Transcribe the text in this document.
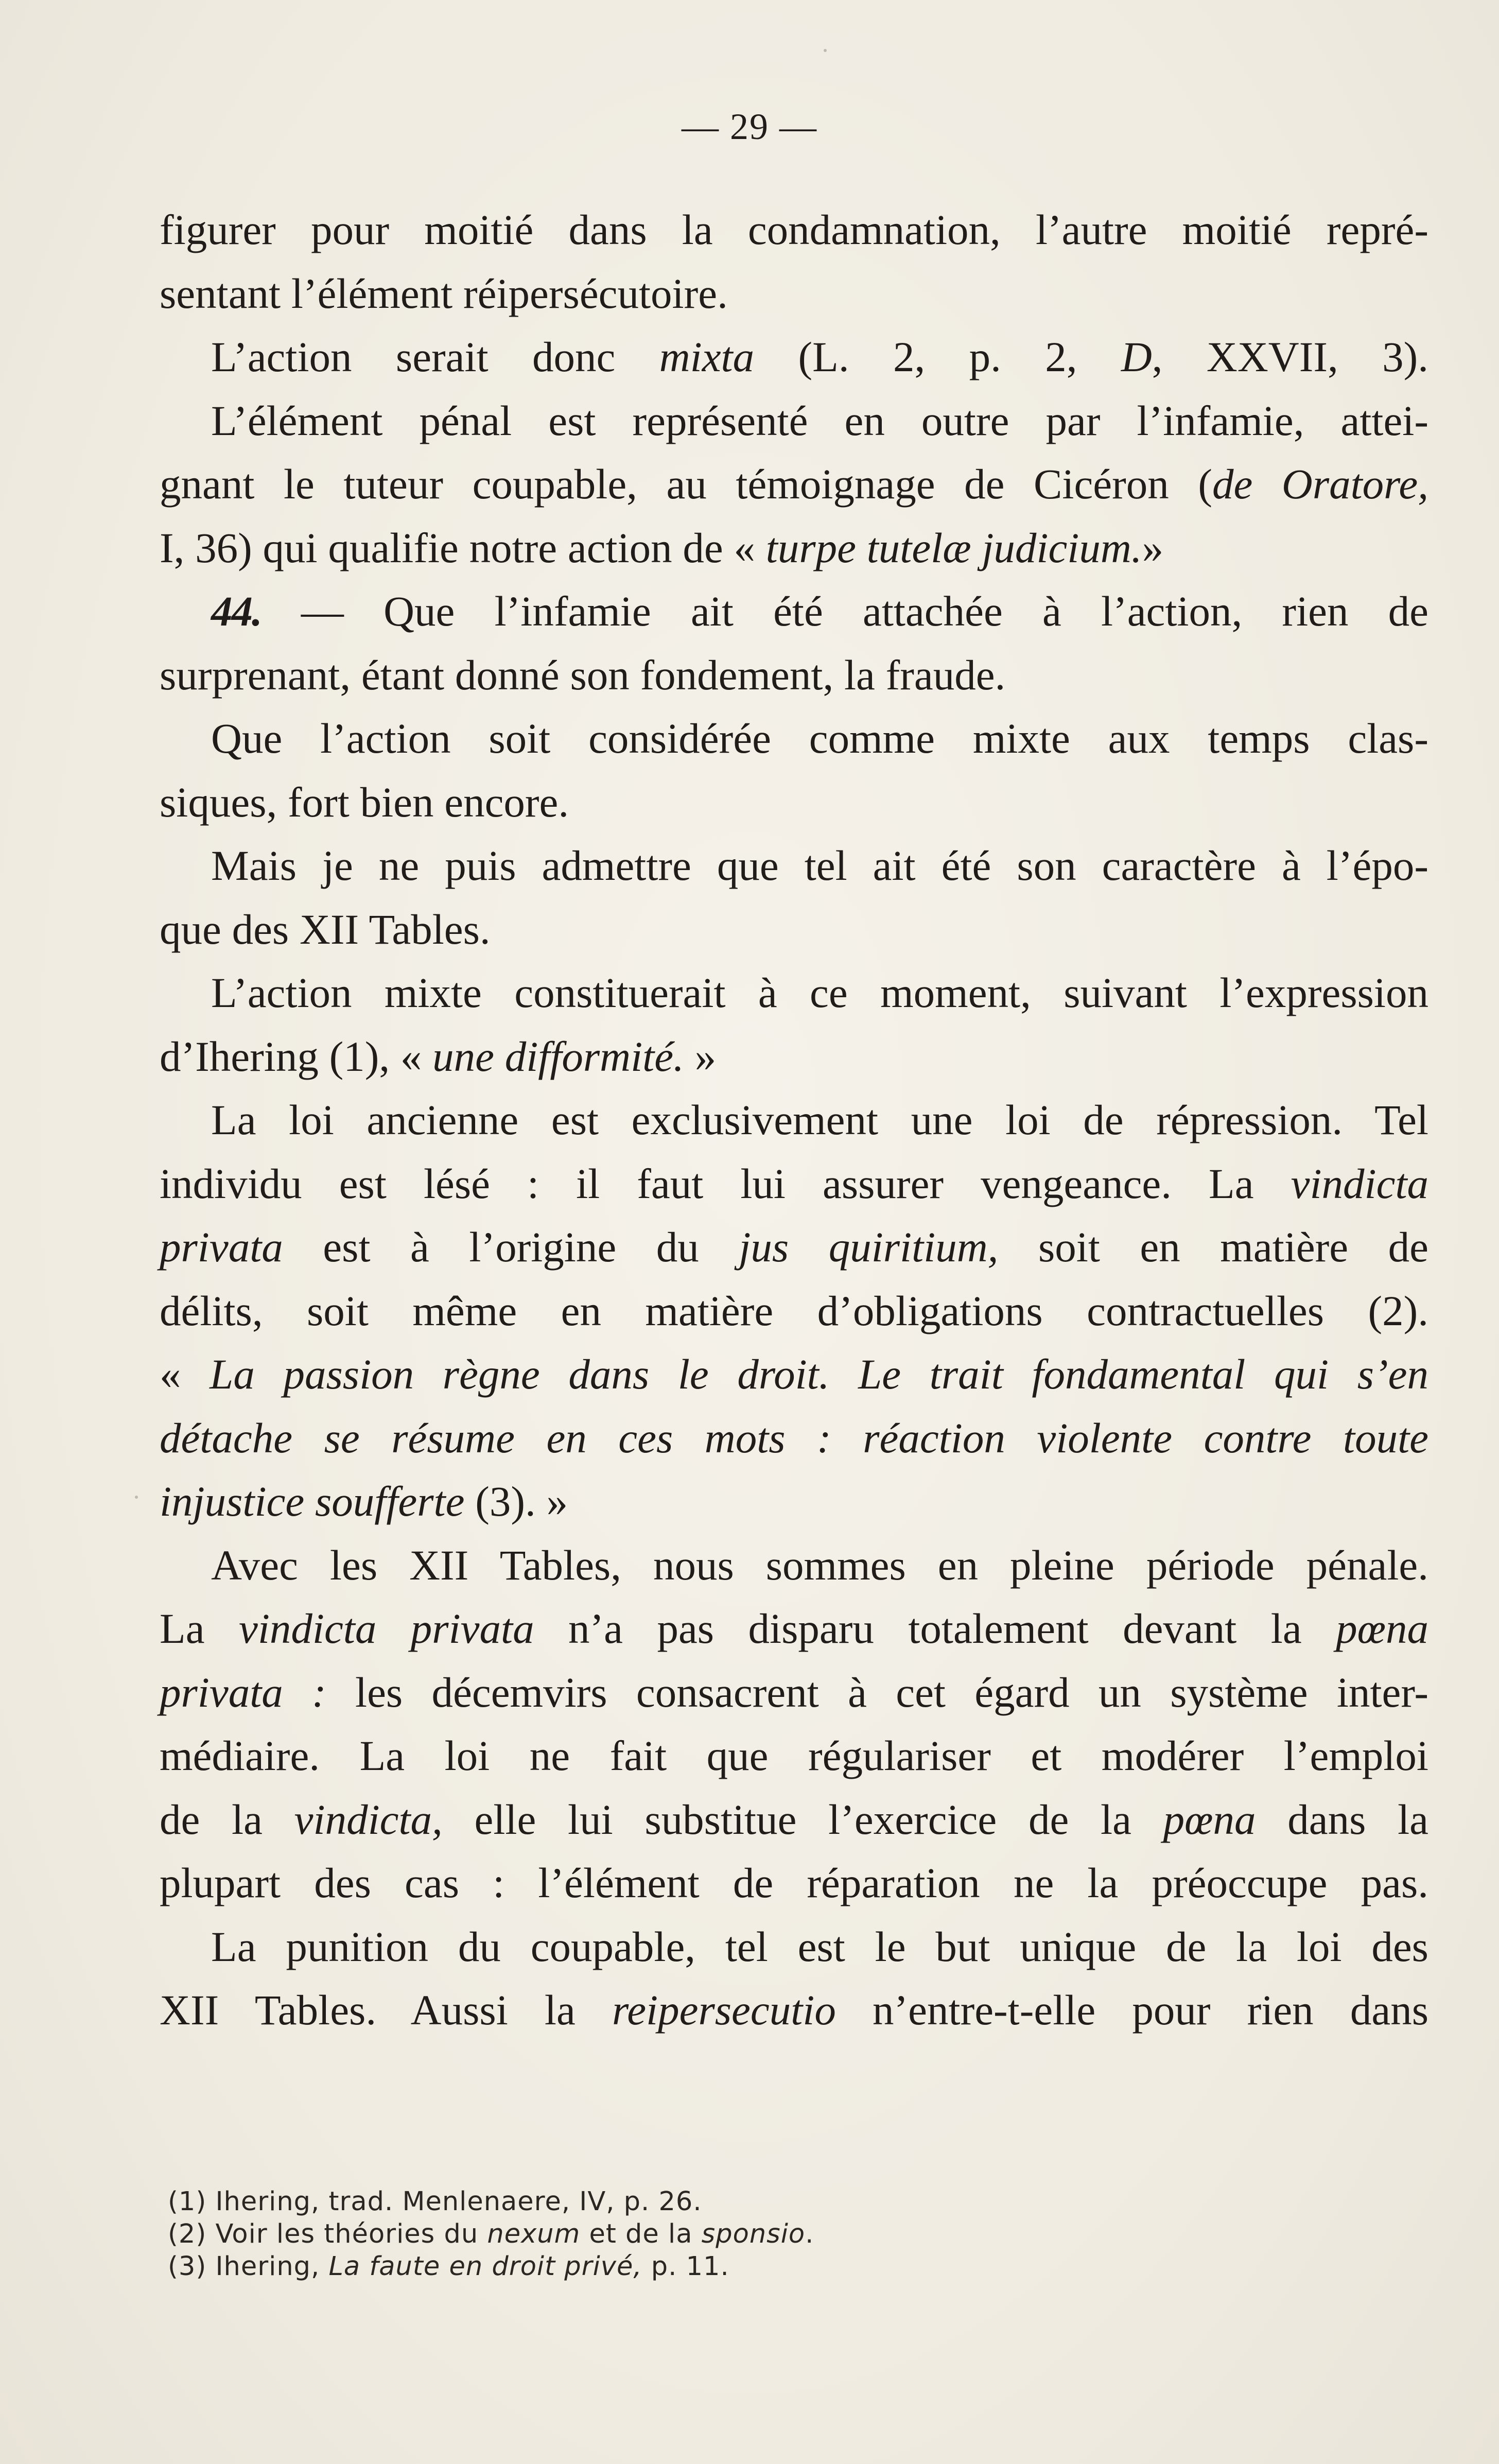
— 29 —
figurer pour moitié dans la condamnation, l’autre moitié repré-
sentant l’élément réipersécutoire.
L’action serait donc mixta (L. 2, p. 2, D, XXVII, 3).
L’élément pénal est représenté en outre par l’infamie, attei-
gnant le tuteur coupable, au témoignage de Cicéron (de Oratore,
I, 36) qui qualifie notre action de « turpe tutelæ judicium.»
44. — Que l’infamie ait été attachée à l’action, rien de
surprenant, étant donné son fondement, la fraude.
Que l’action soit considérée comme mixte aux temps clas-
siques, fort bien encore.
Mais je ne puis admettre que tel ait été son caractère à l’épo-
que des XII Tables.
L’action mixte constituerait à ce moment, suivant l’expression
d’Ihering (1), « une difformité. »
La loi ancienne est exclusivement une loi de répression. Tel
individu est lésé : il faut lui assurer vengeance. La vindicta
privata est à l’origine du jus quiritium, soit en matière de
délits, soit même en matière d’obligations contractuelles (2).
« La passion règne dans le droit. Le trait fondamental qui s’en
détache se résume en ces mots : réaction violente contre toute
injustice soufferte (3). »
Avec les XII Tables, nous sommes en pleine période pénale.
La vindicta privata n’a pas disparu totalement devant la pœna
privata : les décemvirs consacrent à cet égard un système inter-
médiaire. La loi ne fait que régulariser et modérer l’emploi
de la vindicta, elle lui substitue l’exercice de la pœna dans la
plupart des cas : l’élément de réparation ne la préoccupe pas.
La punition du coupable, tel est le but unique de la loi des
XII Tables. Aussi la reipersecutio n’entre-t-elle pour rien dans
(1) Ihering, trad. Menlenaere, IV, p. 26.
(2) Voir les théories du nexum et de la sponsio.
(3) Ihering, La faute en droit privé, p. 11.
